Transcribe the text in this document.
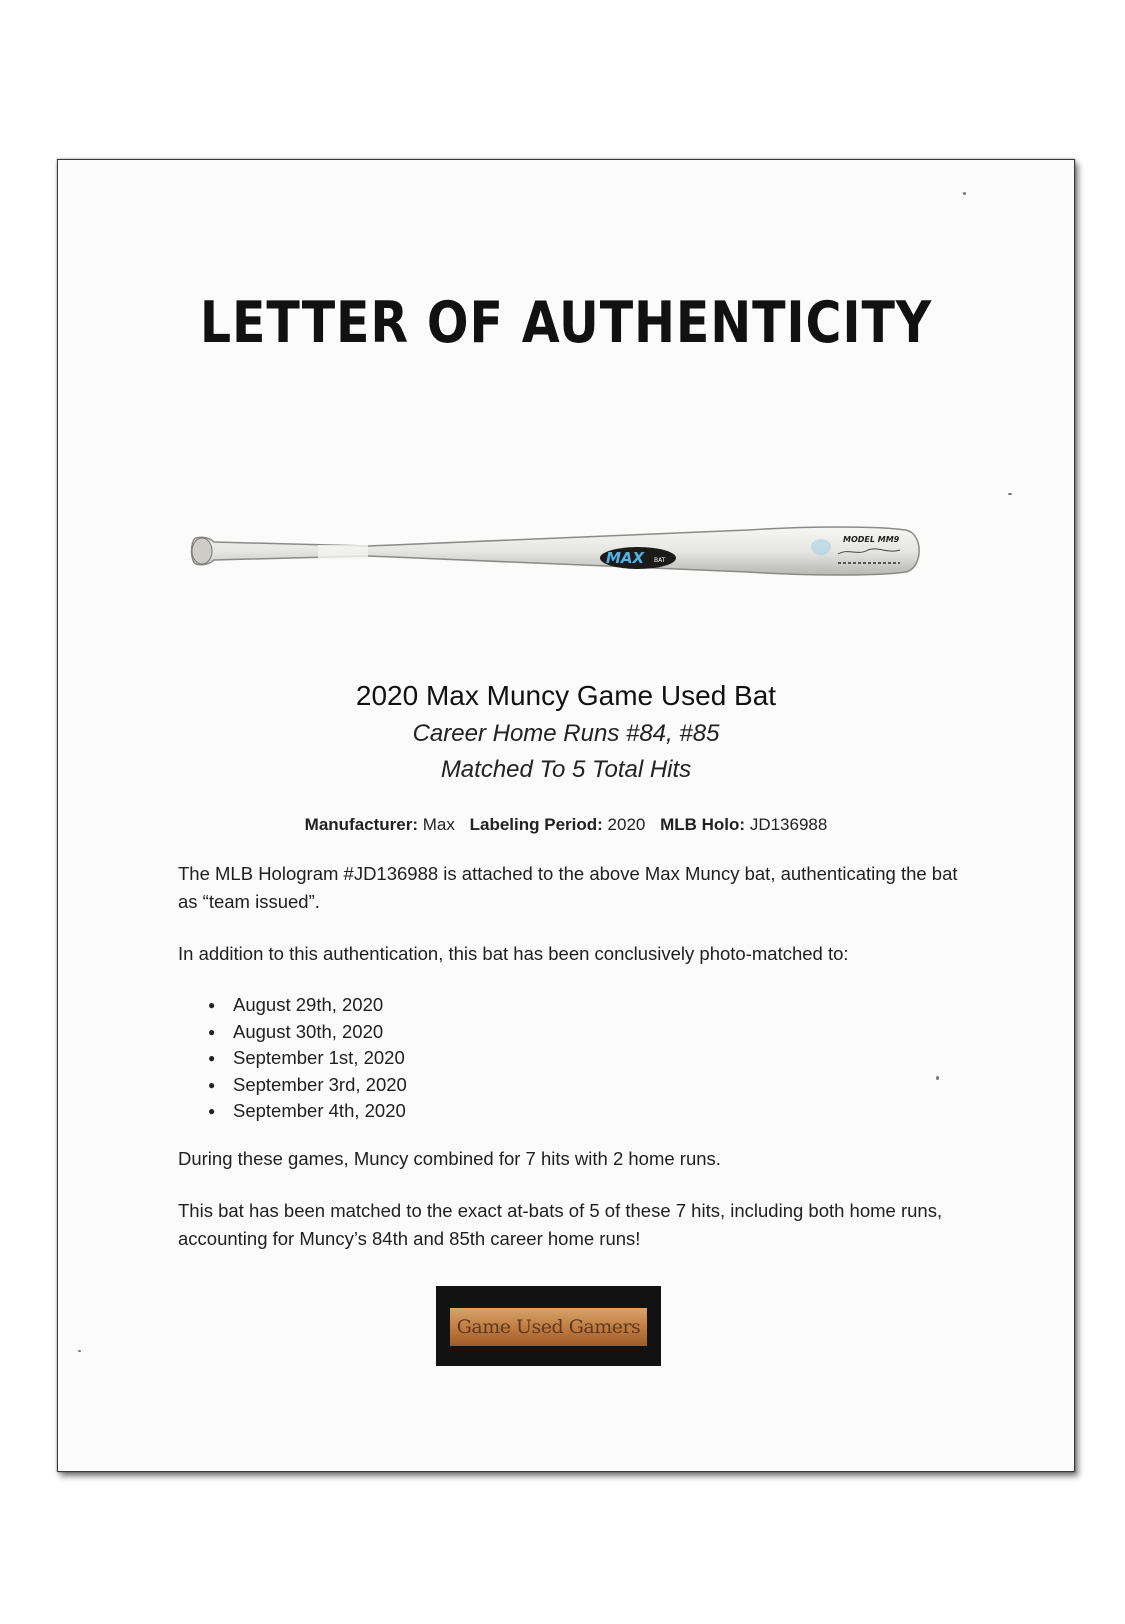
LETTER OF AUTHENTICITY
MAX BAT
MODEL MM9
2020 Max Muncy Game Used Bat
Career Home Runs #84, #85
Matched To 5 Total Hits
Manufacturer: Max Labeling Period: 2020 MLB Holo: JD136988
The MLB Hologram #JD136988 is attached to the above Max Muncy bat, authenticating the bat as “team issued”.
In addition to this authentication, this bat has been conclusively photo-matched to:
● August 29th, 2020
● August 30th, 2020
● September 1st, 2020
● September 3rd, 2020
● September 4th, 2020
During these games, Muncy combined for 7 hits with 2 home runs.
This bat has been matched to the exact at-bats of 5 of these 7 hits, including both home runs, accounting for Muncy’s 84th and 85th career home runs!
Game Used Gamers
